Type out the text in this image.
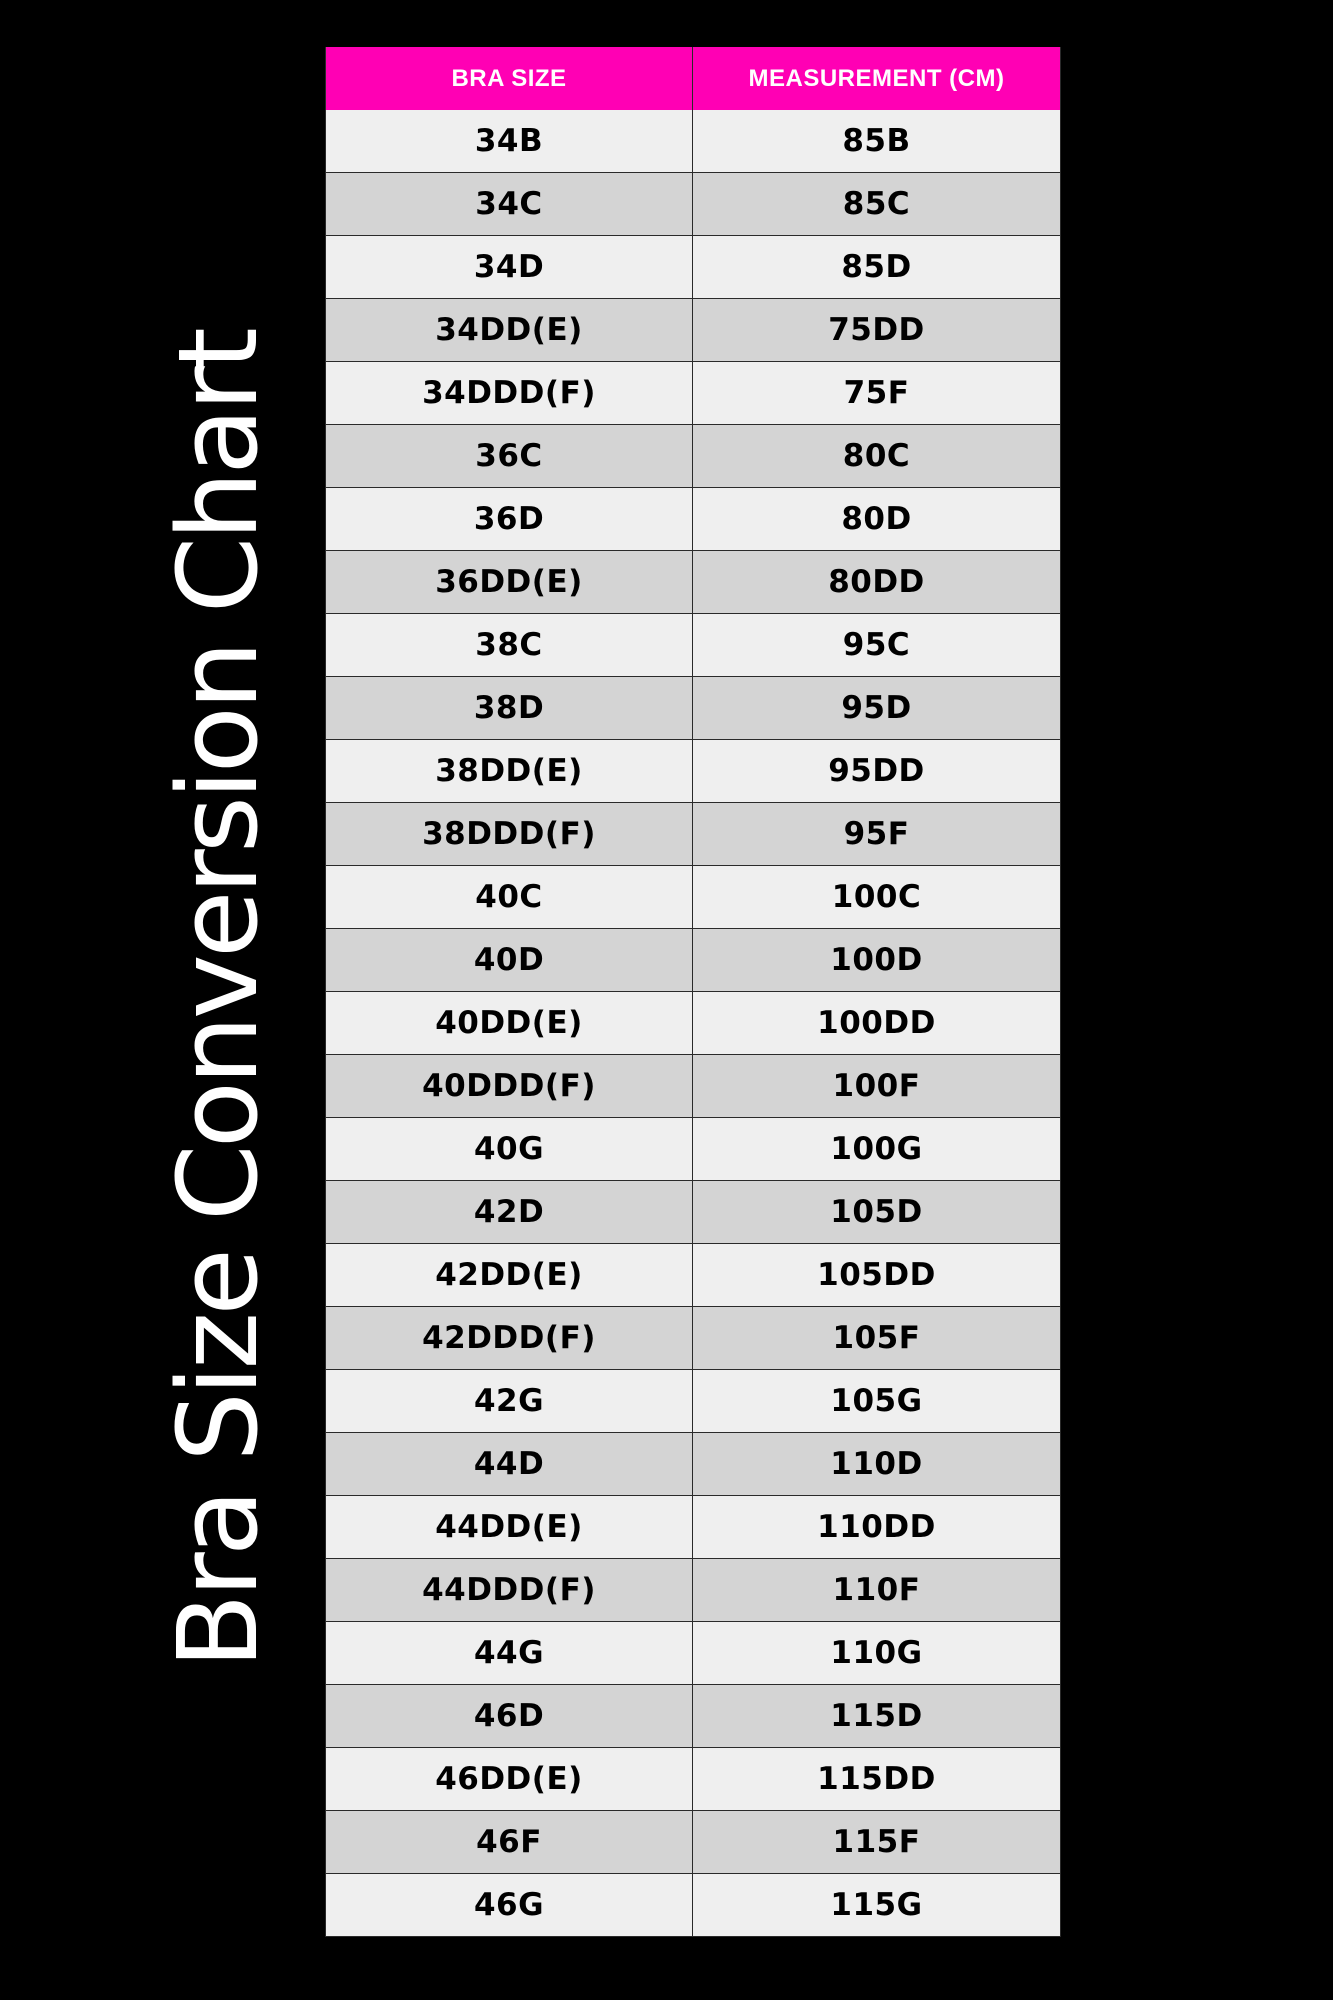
Bra Size Conversion Chart
BRA SIZE	MEASUREMENT (CM)
34B	85B
34C	85C
34D	85D
34DD(E)	75DD
34DDD(F)	75F
36C	80C
36D	80D
36DD(E)	80DD
38C	95C
38D	95D
38DD(E)	95DD
38DDD(F)	95F
40C	100C
40D	100D
40DD(E)	100DD
40DDD(F)	100F
40G	100G
42D	105D
42DD(E)	105DD
42DDD(F)	105F
42G	105G
44D	110D
44DD(E)	110DD
44DDD(F)	110F
44G	110G
46D	115D
46DD(E)	115DD
46F	115F
46G	115G
